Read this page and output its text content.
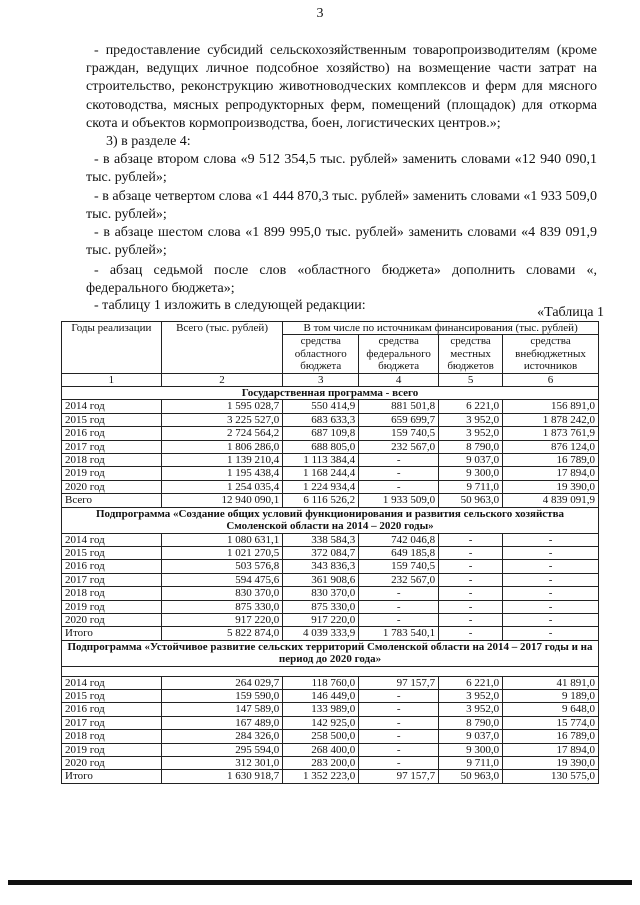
3
- предоставление субсидий сельскохозяйственным товаропроизводителям (кроме граждан, ведущих личное подсобное хозяйство) на возмещение части затрат на строительство, реконструкцию животноводческих комплексов и ферм для мясного скотоводства, мясных репродукторных ферм, помещений (площадок) для откорма скота и объектов кормопроизводства, боен, логистических центров.»;
3) в разделе 4:
- в абзаце втором слова «9 512 354,5 тыс. рублей» заменить словами «12 940 090,1 тыс. рублей»;
- в абзаце четвертом слова «1 444 870,3 тыс. рублей» заменить словами «1 933 509,0 тыс. рублей»;
- в абзаце шестом слова «1 899 995,0 тыс. рублей» заменить словами «4 839 091,9 тыс. рублей»;
- абзац седьмой после слов «областного бюджета» дополнить словами «, федерального бюджета»;
- таблицу 1 изложить в следующей редакции:	«Таблица 1
Годы реализации	Всего (тыс. рублей)	В том числе по источникам финансирования (тыс. рублей)			
		средства областного бюджета	средства федерального бюджета	средства местных бюджетов	средства внебюджетных источников
1	2	3	4	5	6
Государственная программа - всего					
2014 год	1 595 028,7	550 414,9	881 501,8	6 221,0	156 891,0
2015 год	3 225 527,0	683 633,3	659 699,7	3 952,0	1 878 242,0
2016 год	2 724 564,2	687 109,8	159 740,5	3 952,0	1 873 761,9
2017 год	1 806 286,0	688 805,0	232 567,0	8 790,0	876 124,0
2018 год	1 139 210,4	1 113 384,4	-	9 037,0	16 789,0
2019 год	1 195 438,4	1 168 244,4	-	9 300,0	17 894,0
2020 год	1 254 035,4	1 224 934,4	-	9 711,0	19 390,0
Всего	12 940 090,1	6 116 526,2	1 933 509,0	50 963,0	4 839 091,9
Подпрограмма «Создание общих условий функционирования и развития сельского хозяйства Смоленской области на 2014 – 2020 годы»					
2014 год	1 080 631,1	338 584,3	742 046,8	-	-
2015 год	1 021 270,5	372 084,7	649 185,8	-	-
2016 год	503 576,8	343 836,3	159 740,5	-	-
2017 год	594 475,6	361 908,6	232 567,0	-	-
2018 год	830 370,0	830 370,0	-	-	-
2019 год	875 330,0	875 330,0	-	-	-
2020 год	917 220,0	917 220,0	-	-	-
Итого	5 822 874,0	4 039 333,9	1 783 540,1	-	-
Подпрограмма «Устойчивое развитие сельских территорий Смоленской области на 2014 – 2017 годы и на период до 2020 года»					

2014 год	264 029,7	118 760,0	97 157,7	6 221,0	41 891,0
2015 год	159 590,0	146 449,0	-	3 952,0	9 189,0
2016 год	147 589,0	133 989,0	-	3 952,0	9 648,0
2017 год	167 489,0	142 925,0	-	8 790,0	15 774,0
2018 год	284 326,0	258 500,0	-	9 037,0	16 789,0
2019 год	295 594,0	268 400,0	-	9 300,0	17 894,0
2020 год	312 301,0	283 200,0	-	9 711,0	19 390,0
Итого	1 630 918,7	1 352 223,0	97 157,7	50 963,0	130 575,0
